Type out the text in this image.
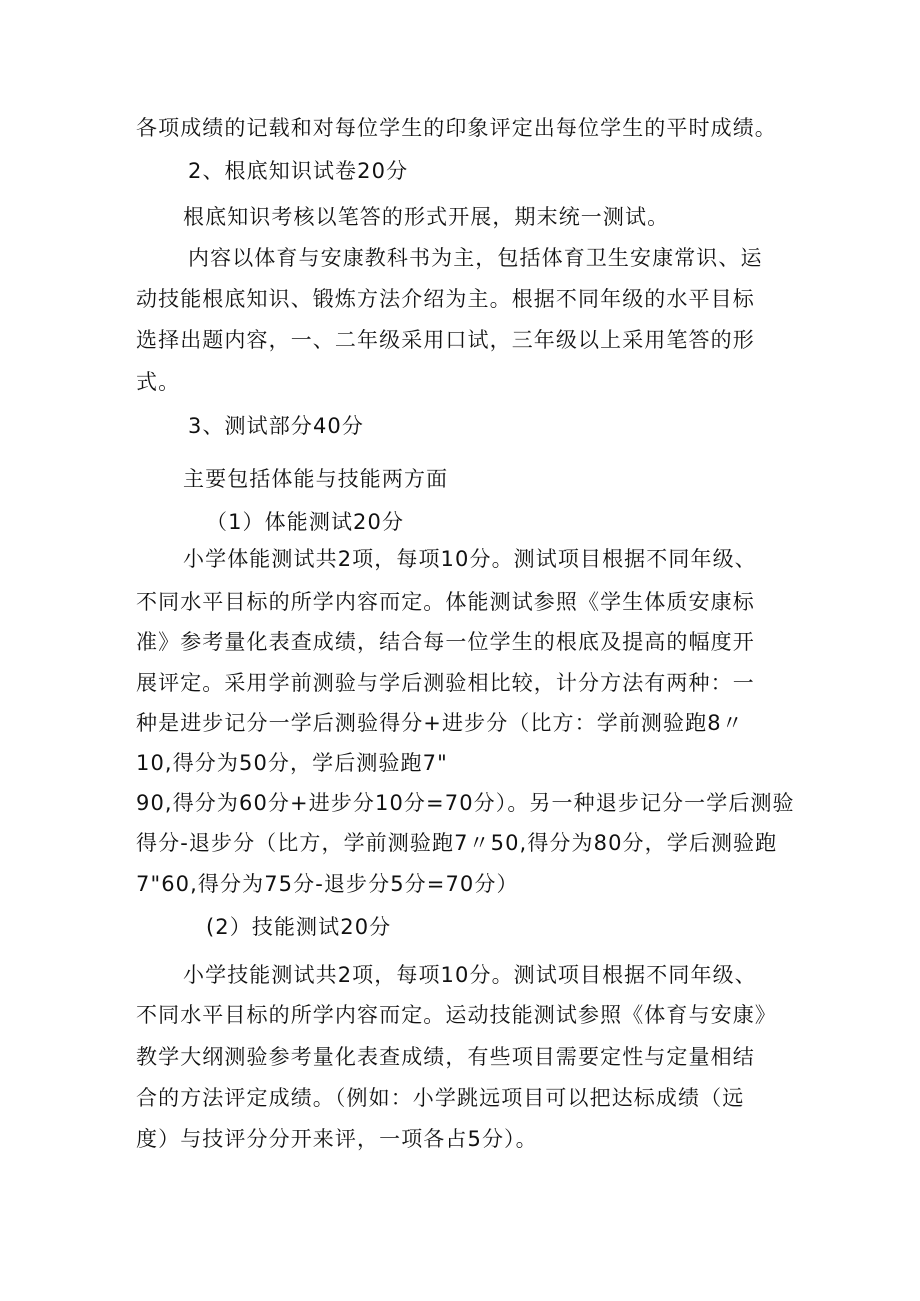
各项成绩的记载和对每位学生的印象评定出每位学生的平时成绩。
2、根底知识试卷20分
根底知识考核以笔答的形式开展，期末统一测试。
内容以体育与安康教科书为主，包括体育卫生安康常识、运
动技能根底知识、锻炼方法介绍为主。根据不同年级的水平目标
选择出题内容，一、二年级采用口试，三年级以上采用笔答的形
式。
3、测试部分40分
主要包括体能与技能两方面
（1）体能测试20分
小学体能测试共2项，每项10分。测试项目根据不同年级、
不同水平目标的所学内容而定。体能测试参照《学生体质安康标
准》参考量化表查成绩，结合每一位学生的根底及提高的幅度开
展评定。采用学前测验与学后测验相比较，计分方法有两种：一
种是进步记分一学后测验得分+进步分（比方：学前测验跑8〃
10,得分为50分，学后测验跑7"
90,得分为60分+进步分10分=70分）。另一种退步记分一学后测验
得分-退步分（比方，学前测验跑7〃50,得分为80分，学后测验跑
7"60,得分为75分-退步分5分=70分）
(2）技能测试20分
小学技能测试共2项，每项10分。测试项目根据不同年级、
不同水平目标的所学内容而定。运动技能测试参照《体育与安康》
教学大纲测验参考量化表查成绩，有些项目需要定性与定量相结
合的方法评定成绩。（例如：小学跳远项目可以把达标成绩（远
度）与技评分分开来评，一项各占5分）。
